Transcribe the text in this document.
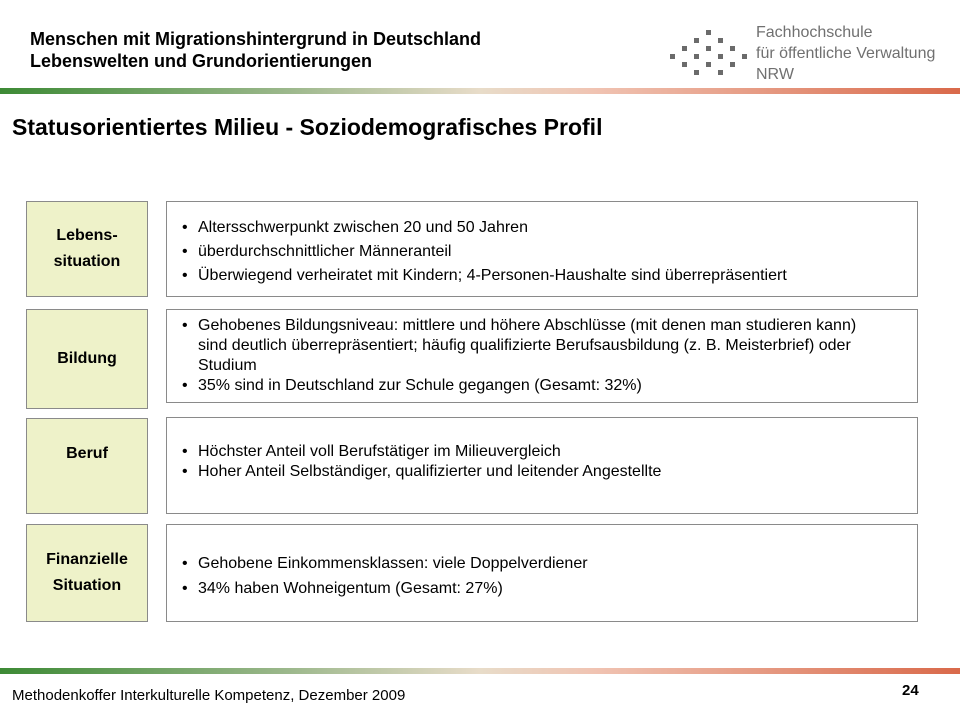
Menschen mit Migrationshintergrund in Deutschland
Lebenswelten und Grundorientierungen
Fachhochschule
für öffentliche Verwaltung
NRW
Statusorientiertes Milieu - Soziodemografisches Profil
Lebens-
situation
• Altersschwerpunkt zwischen 20 und 50 Jahren
• überdurchschnittlicher Männeranteil
• Überwiegend verheiratet mit Kindern; 4-Personen-Haushalte sind überrepräsentiert
Bildung
• Gehobenes Bildungsniveau: mittlere und höhere Abschlüsse (mit denen man studieren kann) sind deutlich überrepräsentiert; häufig qualifizierte Berufsausbildung (z. B. Meisterbrief) oder Studium
• 35% sind in Deutschland zur Schule gegangen (Gesamt: 32%)
Beruf
•	Höchster Anteil voll Berufstätiger im Milieuvergleich
• Hoher Anteil Selbständiger, qualifizierter und leitender Angestellte
Finanzielle
Situation
• Gehobene Einkommensklassen: viele Doppelverdiener
• 34% haben Wohneigentum (Gesamt: 27%)
Methodenkoffer Interkulturelle Kompetenz, Dezember 2009	24
